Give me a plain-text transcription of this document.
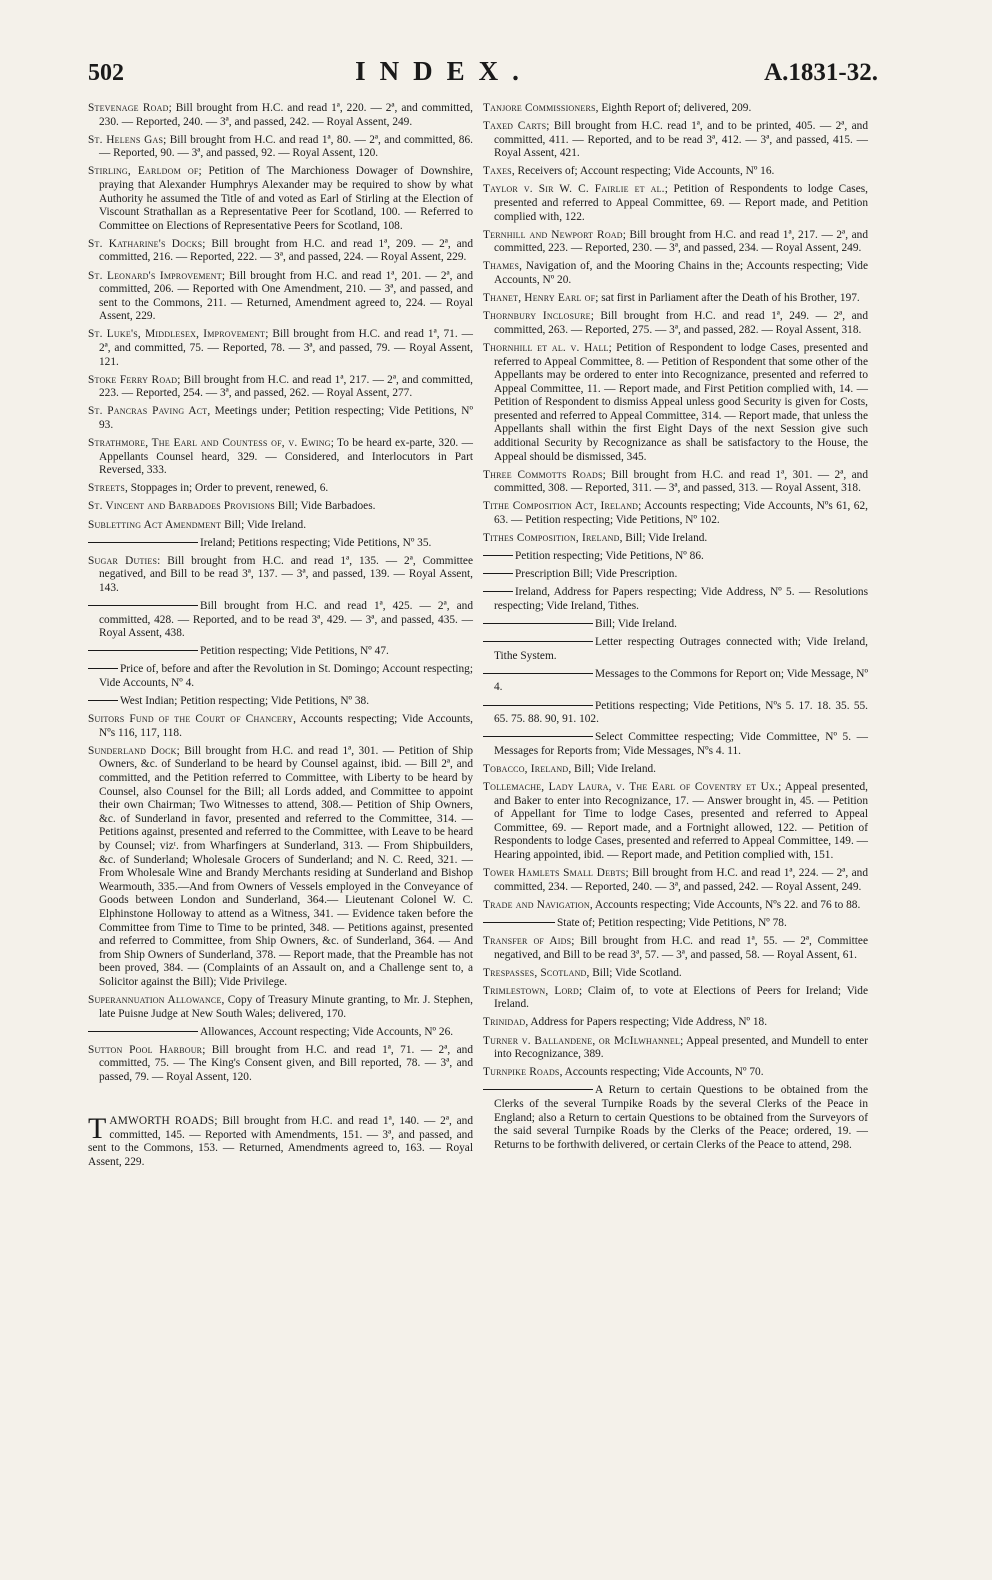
502	INDEX.	A.1831-32.

Stevenage Road; Bill brought from H.C. and read 1ª, 220. — 2ª, and committed, 230. — Reported, 240. — 3ª, and passed, 242. — Royal Assent, 249.

St. Helens Gas; Bill brought from H.C. and read 1ª, 80. — 2ª, and committed, 86. — Reported, 90. — 3ª, and passed, 92. — Royal Assent, 120.

Stirling, Earldom of; Petition of The Marchioness Dowager of Downshire, praying that Alexander Humphrys Alexander may be required to show by what Authority he assumed the Title of and voted as Earl of Stirling at the Election of Viscount Strathallan as a Representative Peer for Scotland, 100. — Referred to Committee on Elections of Representative Peers for Scotland, 108.

St. Katharine's Docks; Bill brought from H.C. and read 1ª, 209. — 2ª, and committed, 216. — Reported, 222. — 3ª, and passed, 224. — Royal Assent, 229.

St. Leonard's Improvement; Bill brought from H.C. and read 1ª, 201. — 2ª, and committed, 206. — Reported with One Amendment, 210. — 3ª, and passed, and sent to the Commons, 211. — Returned, Amendment agreed to, 224. — Royal Assent, 229.

St. Luke's, Middlesex, Improvement; Bill brought from H.C. and read 1ª, 71. — 2ª, and committed, 75. — Reported, 78. — 3ª, and passed, 79. — Royal Assent, 121.

Stoke Ferry Road; Bill brought from H.C. and read 1ª, 217. — 2ª, and committed, 223. — Reported, 254. — 3ª, and passed, 262. — Royal Assent, 277.

St. Pancras Paving Act, Meetings under; Petition respecting; Vide Petitions, Nº 93.

Strathmore, The Earl and Countess of, v. Ewing; To be heard ex-parte, 320. — Appellants Counsel heard, 329. — Considered, and Interlocutors in Part Reversed, 333.

Streets, Stoppages in; Order to prevent, renewed, 6.

St. Vincent and Barbadoes Provisions Bill; Vide Barbadoes.

Subletting Act Amendment Bill; Vide Ireland.

Ireland; Petitions respecting; Vide Petitions, Nº 35.

Sugar Duties: Bill brought from H.C. and read 1ª, 135. — 2ª, Committee negatived, and Bill to be read 3ª, 137. — 3ª, and passed, 139. — Royal Assent, 143.

Bill brought from H.C. and read 1ª, 425. — 2ª, and committed, 428. — Reported, and to be read 3ª, 429. — 3ª, and passed, 435. — Royal Assent, 438.

Petition respecting; Vide Petitions, Nº 47.

Price of, before and after the Revolution in St. Domingo; Account respecting; Vide Accounts, Nº 4.

West Indian; Petition respecting; Vide Petitions, Nº 38.

Suitors Fund of the Court of Chancery, Accounts respecting; Vide Accounts, Nºs 116, 117, 118.

Sunderland Dock; Bill brought from H.C. and read 1ª, 301. — Petition of Ship Owners, &c. of Sunderland to be heard by Counsel against, ibid. — Bill 2ª, and committed, and the Petition referred to Committee, with Liberty to be heard by Counsel, also Counsel for the Bill; all Lords added, and Committee to appoint their own Chairman; Two Witnesses to attend, 308.— Petition of Ship Owners, &c. of Sunderland in favor, presented and referred to the Committee, 314. — Petitions against, presented and referred to the Committee, with Leave to be heard by Counsel; vizᵗ. from Wharfingers at Sunderland, 313. — From Shipbuilders, &c. of Sunderland; Wholesale Grocers of Sunderland; and N. C. Reed, 321. — From Wholesale Wine and Brandy Merchants residing at Sunderland and Bishop Wearmouth, 335.—And from Owners of Vessels employed in the Conveyance of Goods between London and Sunderland, 364.— Lieutenant Colonel W. C. Elphinstone Holloway to attend as a Witness, 341. — Evidence taken before the Committee from Time to Time to be printed, 348. — Petitions against, presented and referred to Committee, from Ship Owners, &c. of Sunderland, 364. — And from Ship Owners of Sunderland, 378. — Report made, that the Preamble has not been proved, 384. — (Complaints of an Assault on, and a Challenge sent to, a Solicitor against the Bill); Vide Privilege.

Superannuation Allowance, Copy of Treasury Minute granting, to Mr. J. Stephen, late Puisne Judge at New South Wales; delivered, 170.

Allowances, Account respecting; Vide Accounts, Nº 26.

Sutton Pool Harbour; Bill brought from H.C. and read 1ª, 71. — 2ª, and committed, 75. — The King's Consent given, and Bill reported, 78. — 3ª, and passed, 79. — Royal Assent, 120.

TAMWORTH ROADS; Bill brought from H.C. and read 1ª, 140. — 2ª, and committed, 145. — Reported with Amendments, 151. — 3ª, and passed, and sent to the Commons, 153. — Returned, Amendments agreed to, 163. — Royal Assent, 229.

Tanjore Commissioners, Eighth Report of; delivered, 209.

Taxed Carts; Bill brought from H.C. read 1ª, and to be printed, 405. — 2ª, and committed, 411. — Reported, and to be read 3ª, 412. — 3ª, and passed, 415. — Royal Assent, 421.

Taxes, Receivers of; Account respecting; Vide Accounts, Nº 16.

Taylor v. Sir W. C. Fairlie et al.; Petition of Respondents to lodge Cases, presented and referred to Appeal Committee, 69. — Report made, and Petition complied with, 122.

Ternhill and Newport Road; Bill brought from H.C. and read 1ª, 217. — 2ª, and committed, 223. — Reported, 230. — 3ª, and passed, 234. — Royal Assent, 249.

Thames, Navigation of, and the Mooring Chains in the; Accounts respecting; Vide Accounts, Nº 20.

Thanet, Henry Earl of; sat first in Parliament after the Death of his Brother, 197.

Thornbury Inclosure; Bill brought from H.C. and read 1ª, 249. — 2ª, and committed, 263. — Reported, 275. — 3ª, and passed, 282. — Royal Assent, 318.

Thornhill et al. v. Hall; Petition of Respondent to lodge Cases, presented and referred to Appeal Committee, 8. — Petition of Respondent that some other of the Appellants may be ordered to enter into Recognizance, presented and referred to Appeal Committee, 11. — Report made, and First Petition complied with, 14. — Petition of Respondent to dismiss Appeal unless good Security is given for Costs, presented and referred to Appeal Committee, 314. — Report made, that unless the Appellants shall within the first Eight Days of the next Session give such additional Security by Recognizance as shall be satisfactory to the House, the Appeal should be dismissed, 345.

Three Commotts Roads; Bill brought from H.C. and read 1ª, 301. — 2ª, and committed, 308. — Reported, 311. — 3ª, and passed, 313. — Royal Assent, 318.

Tithe Composition Act, Ireland; Accounts respecting; Vide Accounts, Nºs 61, 62, 63. — Petition respecting; Vide Petitions, Nº 102.

Tithes Composition, Ireland, Bill; Vide Ireland.

Petition respecting; Vide Petitions, Nº 86.

Prescription Bill; Vide Prescription.

Ireland, Address for Papers respecting; Vide Address, Nº 5. — Resolutions respecting; Vide Ireland, Tithes.

Bill; Vide Ireland.

Letter respecting Outrages connected with; Vide Ireland, Tithe System.

Messages to the Commons for Report on; Vide Message, Nº 4.

Petitions respecting; Vide Petitions, Nºs 5. 17. 18. 35. 55. 65. 75. 88. 90, 91. 102.

Select Committee respecting; Vide Committee, Nº 5. — Messages for Reports from; Vide Messages, Nºs 4. 11.

Tobacco, Ireland, Bill; Vide Ireland.

Tollemache, Lady Laura, v. The Earl of Coventry et Ux.; Appeal presented, and Baker to enter into Recognizance, 17. — Answer brought in, 45. — Petition of Appellant for Time to lodge Cases, presented and referred to Appeal Committee, 69. — Report made, and a Fortnight allowed, 122. — Petition of Respondents to lodge Cases, presented and referred to Appeal Committee, 149. — Hearing appointed, ibid. — Report made, and Petition complied with, 151.

Tower Hamlets Small Debts; Bill brought from H.C. and read 1ª, 224. — 2ª, and committed, 234. — Reported, 240. — 3ª, and passed, 242. — Royal Assent, 249.

Trade and Navigation, Accounts respecting; Vide Accounts, Nºs 22. and 76 to 88.

State of; Petition respecting; Vide Petitions, Nº 78.

Transfer of Aids; Bill brought from H.C. and read 1ª, 55. — 2ª, Committee negatived, and Bill to be read 3ª, 57. — 3ª, and passed, 58. — Royal Assent, 61.

Trespasses, Scotland, Bill; Vide Scotland.

Trimlestown, Lord; Claim of, to vote at Elections of Peers for Ireland; Vide Ireland.

Trinidad, Address for Papers respecting; Vide Address, Nº 18.

Turner v. Ballandene, or McIlwhannel; Appeal presented, and Mundell to enter into Recognizance, 389.

Turnpike Roads, Accounts respecting; Vide Accounts, Nº 70.

A Return to certain Questions to be obtained from the Clerks of the several Turnpike Roads by the several Clerks of the Peace in England; also a Return to certain Questions to be obtained from the Surveyors of the said several Turnpike Roads by the Clerks of the Peace; ordered, 19. — Returns to be forthwith delivered, or certain Clerks of the Peace to attend, 298.
